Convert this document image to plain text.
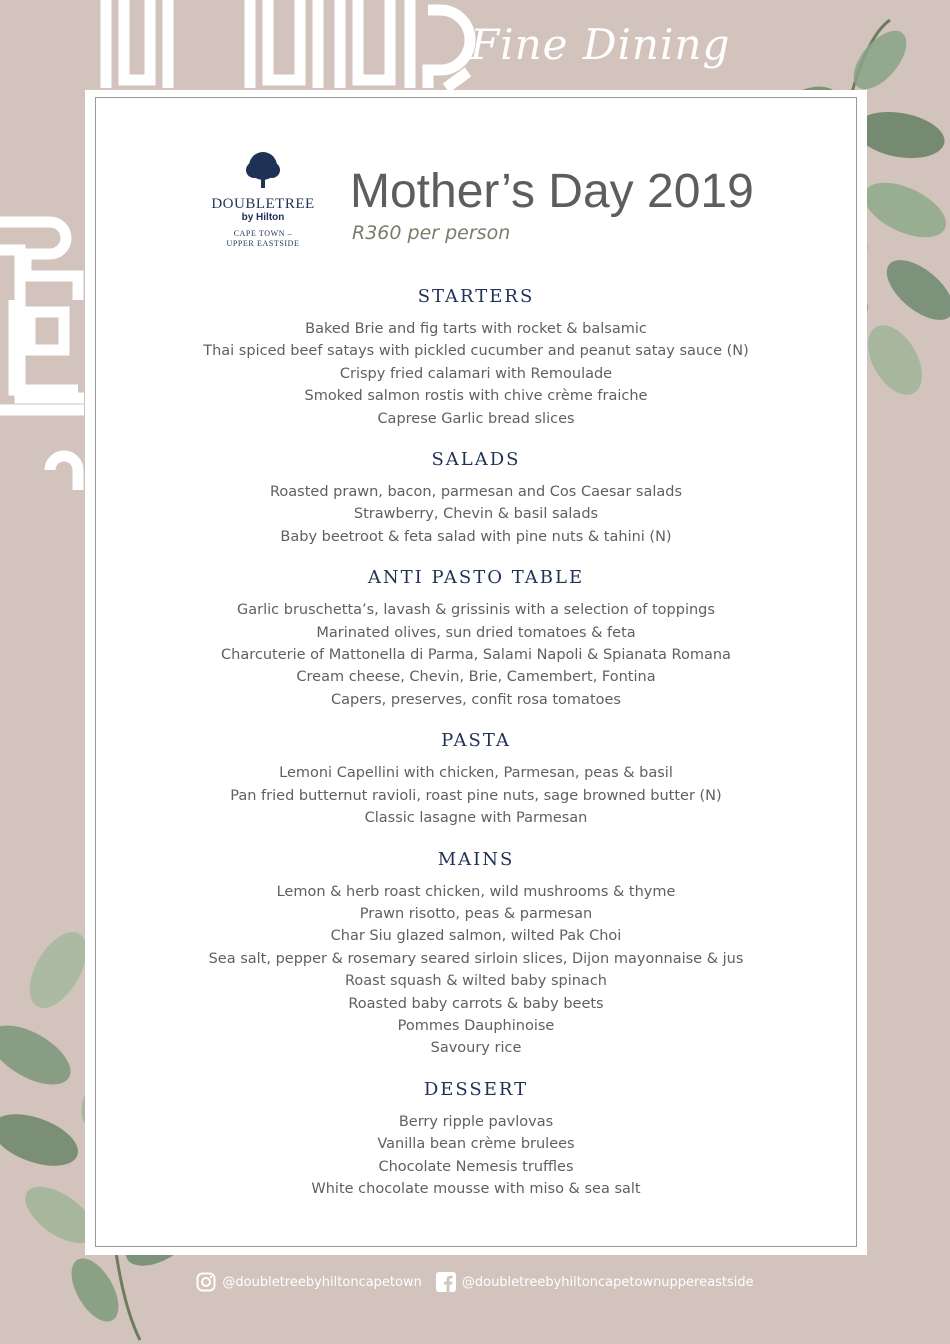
Fine Dining
DOUBLETREE
by Hilton
CAPE TOWN –
UPPER EASTSIDE
Mother’s Day 2019
R360 per person
STARTERS
Baked Brie and fig tarts with rocket & balsamic
Thai spiced beef satays with pickled cucumber and peanut satay sauce (N)
Crispy fried calamari with Remoulade
Smoked salmon rostis with chive crème fraiche
Caprese Garlic bread slices
SALADS
Roasted prawn, bacon, parmesan and Cos Caesar salads
Strawberry, Chevin & basil salads
Baby beetroot & feta salad with pine nuts & tahini (N)
ANTI PASTO TABLE
Garlic bruschetta’s, lavash & grissinis with a selection of toppings
Marinated olives, sun dried tomatoes & feta
Charcuterie of Mattonella di Parma, Salami Napoli & Spianata Romana
Cream cheese, Chevin, Brie, Camembert, Fontina
Capers, preserves, confit rosa tomatoes
PASTA
Lemoni Capellini with chicken, Parmesan, peas & basil
Pan fried butternut ravioli, roast pine nuts, sage browned butter (N)
Classic lasagne with Parmesan
MAINS
Lemon & herb roast chicken, wild mushrooms & thyme
Prawn risotto, peas & parmesan
Char Siu glazed salmon, wilted Pak Choi
Sea salt, pepper & rosemary seared sirloin slices, Dijon mayonnaise & jus
Roast squash & wilted baby spinach
Roasted baby carrots & baby beets
Pommes Dauphinoise
Savoury rice
DESSERT
Berry ripple pavlovas
Vanilla bean crème brulees
Chocolate Nemesis truffles
White chocolate mousse with miso & sea salt
@doubletreebyhiltoncapetown	@doubletreebyhiltoncapetownuppereastside
